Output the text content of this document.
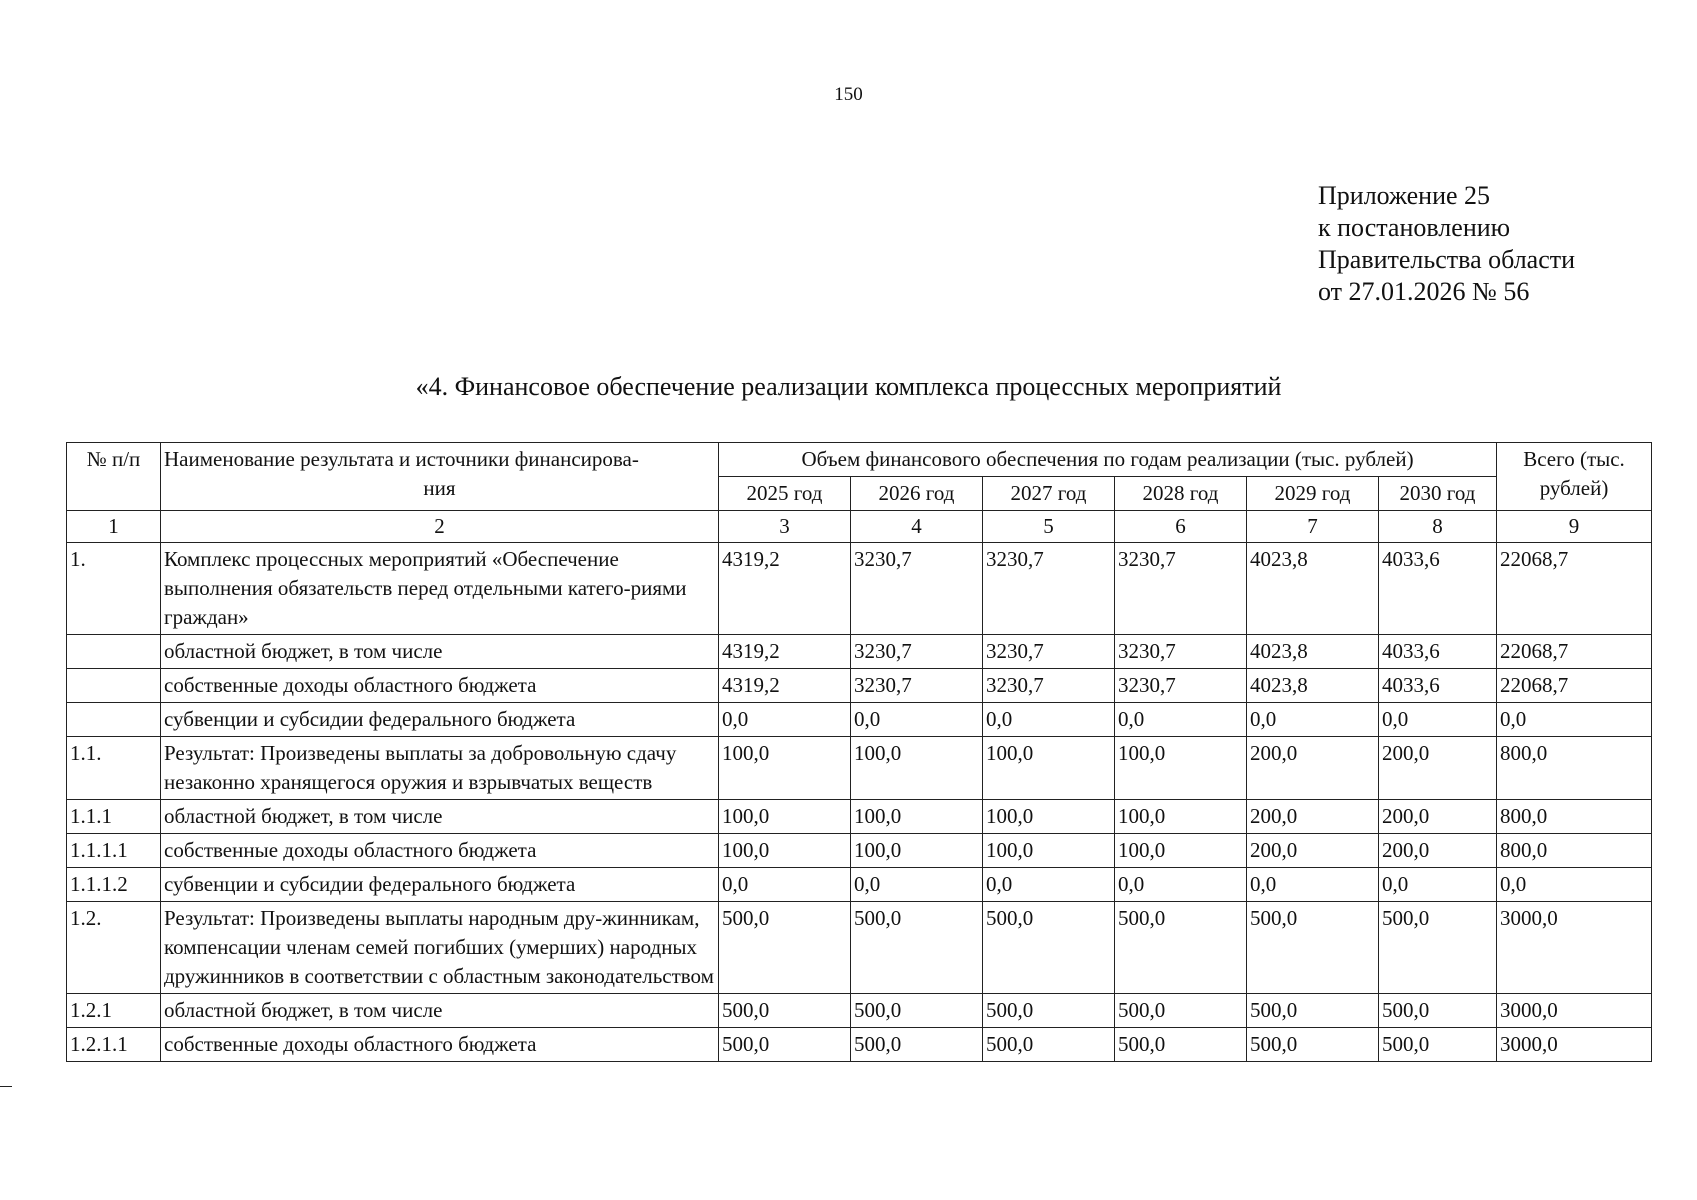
150
Приложение 25
к постановлению
Правительства области
от 27.01.2026 № 56
«4. Финансовое обеспечение реализации комплекса процессных мероприятий
№ п/п	Наименование результата и источники финансирова-
ния	Объем финансового обеспечения по годам реализации (тыс. рублей)						Всего (тыс. рублей)
		2025 год	2026 год	2027 год	2028 год	2029 год	2030 год	
1	2	3	4	5	6	7	8	9
1.	Комплекс процессных мероприятий «Обеспечение выполнения обязательств перед отдельными катего-риями граждан»	4319,2	3230,7	3230,7	3230,7	4023,8	4033,6	22068,7
	областной бюджет, в том числе	4319,2	3230,7	3230,7	3230,7	4023,8	4033,6	22068,7
	собственные доходы областного бюджета	4319,2	3230,7	3230,7	3230,7	4023,8	4033,6	22068,7
	субвенции и субсидии федерального бюджета	0,0	0,0	0,0	0,0	0,0	0,0	0,0
1.1.	Результат: Произведены выплаты за добровольную сдачу незаконно хранящегося оружия и взрывчатых веществ	100,0	100,0	100,0	100,0	200,0	200,0	800,0
1.1.1	областной бюджет, в том числе	100,0	100,0	100,0	100,0	200,0	200,0	800,0
1.1.1.1	собственные доходы областного бюджета	100,0	100,0	100,0	100,0	200,0	200,0	800,0
1.1.1.2	субвенции и субсидии федерального бюджета	0,0	0,0	0,0	0,0	0,0	0,0	0,0
1.2.	Результат: Произведены выплаты народным дру-жинникам, компенсации членам семей погибших (умерших) народных дружинников в соответствии с областным законодательством	500,0	500,0	500,0	500,0	500,0	500,0	3000,0
1.2.1	областной бюджет, в том числе	500,0	500,0	500,0	500,0	500,0	500,0	3000,0
1.2.1.1	собственные доходы областного бюджета	500,0	500,0	500,0	500,0	500,0	500,0	3000,0
